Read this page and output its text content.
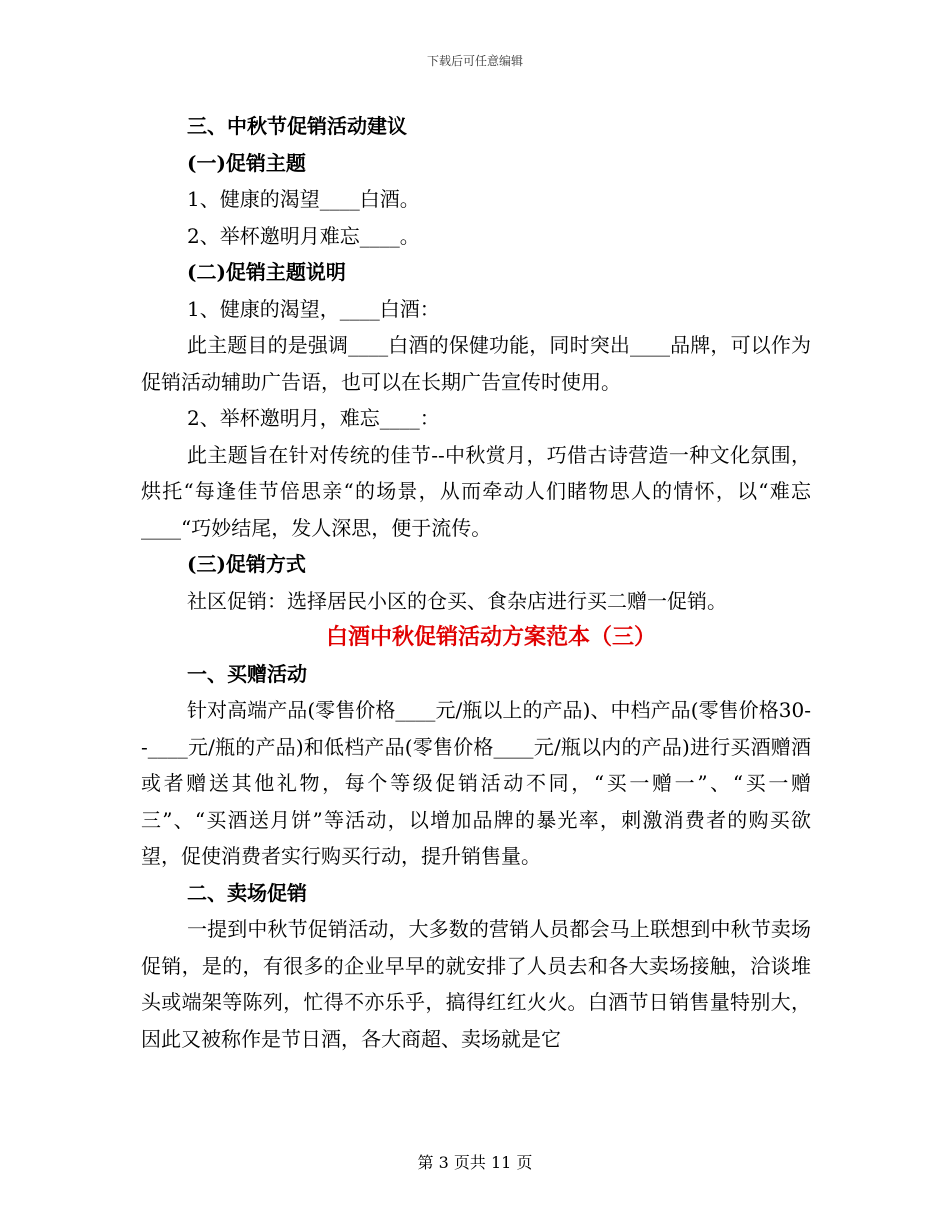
下载后可任意编辑

三、中秋节促销活动建议

(一)促销主题

1、健康的渴望____白酒。

2、举杯邀明月难忘____。

(二)促销主题说明

1、健康的渴望，____白酒：

此主题目的是强调____白酒的保健功能，同时突出____品牌，可以作为促销活动辅助广告语，也可以在长期广告宣传时使用。

2、举杯邀明月，难忘____：

此主题旨在针对传统的佳节--中秋赏月，巧借古诗营造一种文化氛围，烘托“每逢佳节倍思亲“的场景，从而牵动人们睹物思人的情怀，以“难忘____“巧妙结尾，发人深思，便于流传。

(三)促销方式

社区促销：选择居民小区的仓买、食杂店进行买二赠一促销。

白酒中秋促销活动方案范本（三）

一、买赠活动

针对高端产品(零售价格____元/瓶以上的产品)、中档产品(零售价格30--____元/瓶的产品)和低档产品(零售价格____元/瓶以内的产品)进行买酒赠酒或者赠送其他礼物，每个等级促销活动不同，“买一赠一”、“买一赠三”、“买酒送月饼”等活动，以增加品牌的暴光率，刺激消费者的购买欲望，促使消费者实行购买行动，提升销售量。

二、卖场促销

一提到中秋节促销活动，大多数的营销人员都会马上联想到中秋节卖场促销，是的，有很多的企业早早的就安排了人员去和各大卖场接触，洽谈堆头或端架等陈列，忙得不亦乐乎，搞得红红火火。白酒节日销售量特别大，因此又被称作是节日酒，各大商超、卖场就是它

第 3 页共 11 页
